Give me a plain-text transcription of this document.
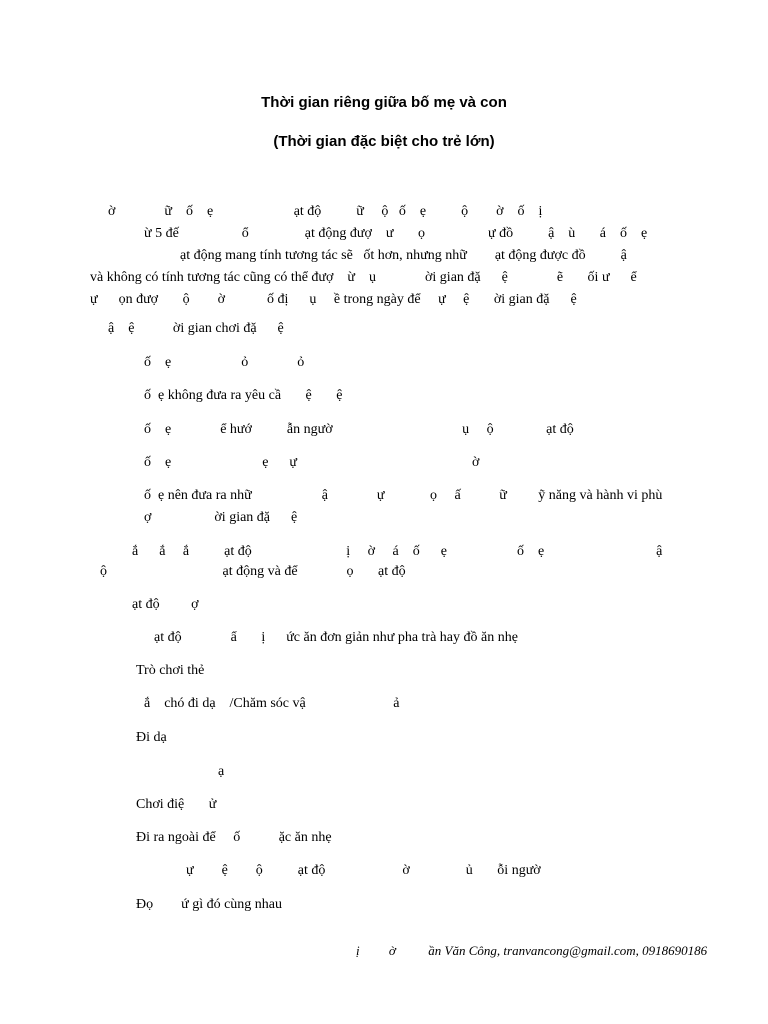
Thời gian riêng giữa bố mẹ và con
(Thời gian đặc biệt cho trẻ lớn)
ờ              ữ    ố    ẹ                       ạt độ          ữ     ộ   ố    ẹ          ộ        ờ    ố    ị
ừ 5 đế                  ổ                ạt động đượ    ư       ọ                  ự đồ          ậ    ù       á    ố    ẹ
ạt động mang tính tương tác sẽ   ốt hơn, nhưng nhữ        ạt động được đồ          ậ
và không có tính tương tác cũng có thể đượ    ừ    ụ              ời gian đặ      ệ              ẽ       ối ư      ể
ự      ọn đượ       ộ        ờ            ố đị      ụ     ề trong ngày để     ự     ệ       ời gian đặ      ệ
ậ    ệ           ời gian chơi đặ      ệ
ố    ẹ                    ỏ              ỏ
ố  ẹ không đưa ra yêu cầ       ệ       ệ
ố    ẹ              ể hướ          ẫn ngườ                                     ụ     ộ               ạt độ
ố    ẹ                          ẹ      ự                                                  ờ
ố  ẹ nên đưa ra nhữ                    ậ              ự             ọ     ấ           ữ         ỹ năng và hành vi phù
ợ                  ời gian đặ      ệ
ắ      ắ     ắ          ạt độ                           ị     ờ     á    ố      ẹ                    ố    ẹ                                ậ
ộ                                 ạt động và để              ọ       ạt độ
ạt độ         ợ
ạt độ              ẩ       ị      ức ăn đơn giản như pha trà hay đồ ăn nhẹ
Trò chơi thẻ
ắ    chó đi dạ    /Chăm sóc vậ                         ả
Đi dạ
ạ
Chơi điệ       ử
Đi ra ngoài để     ố           ặc ăn nhẹ
ự        ệ        ộ          ạt độ                      ờ                ủ       ỗi ngườ
Đọ        ứ gì đó cùng nhau
ị         ờ          ần Văn Công, tranvancong@gmail.com, 0918690186
